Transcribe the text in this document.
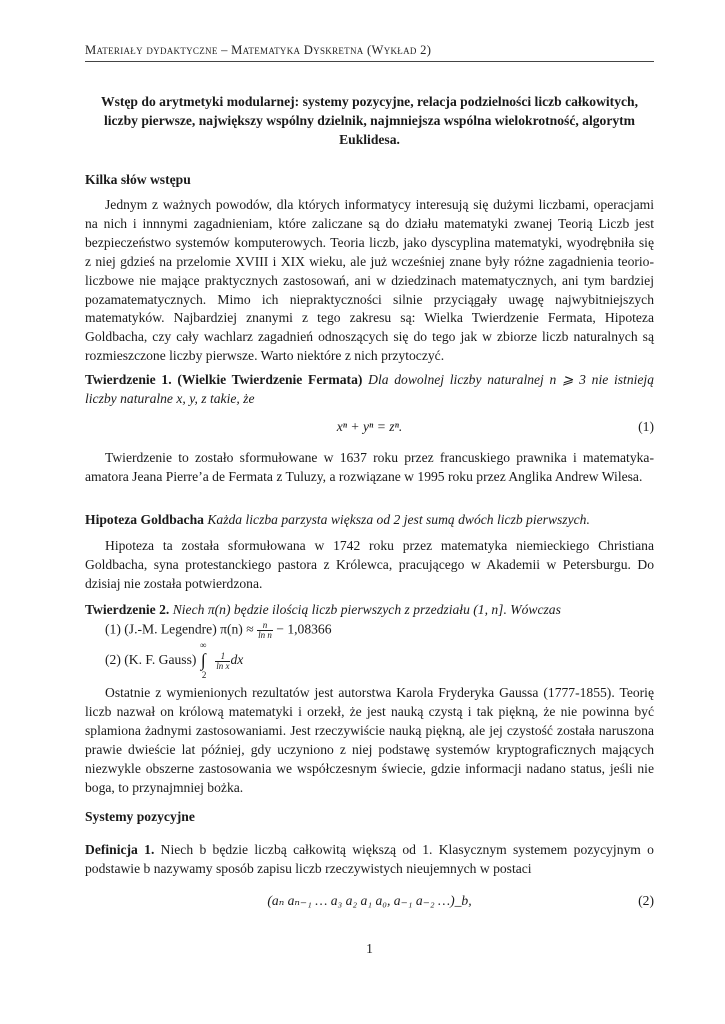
Materiały dydaktyczne – Matematyka Dyskretna (Wykład 2)
Wstęp do arytmetyki modularnej: systemy pozycyjne, relacja podzielności liczb całkowitych, liczby pierwsze, największy wspólny dzielnik, najmniejsza wspólna wielokrotność, algorytm Euklidesa.
Kilka słów wstępu
Jednym z ważnych powodów, dla których informatycy interesują się dużymi liczbami, operacjami na nich i innnymi zagadnieniam, które zaliczane są do działu matematyki zwanej Teorią Liczb jest bezpieczeństwo systemów komputerowych. Teoria liczb, jako dyscyplina matematyki, wyodrębniła się z niej gdzieś na przelomie XVIII i XIX wieku, ale już wcześniej znane były różne zagadnienia teorio-liczbowe nie mające praktycznych zastosowań, ani w dziedzinach matematycznych, ani tym bardziej pozamatematycznych. Mimo ich niepraktyczności silnie przyciągały uwagę najwybitniejszych matematyków. Najbardziej znanymi z tego zakresu są: Wielka Twierdzenie Fermata, Hipoteza Goldbacha, czy cały wachlarz zagadnień odnoszących się do tego jak w zbiorze liczb naturalnych są rozmieszczone liczby pierwsze. Warto niektóre z nich przytoczyć.
Twierdzenie 1. (Wielkie Twierdzenie Fermata) Dla dowolnej liczby naturalnej n ⩾ 3 nie istnieją liczby naturalne x, y, z takie, że
xⁿ + yⁿ = zⁿ.	(1)
Twierdzenie to zostało sformułowane w 1637 roku przez francuskiego prawnika i matematyka-amatora Jeana Pierre’a de Fermata z Tuluzy, a rozwiązane w 1995 roku przez Anglika Andrew Wilesa.
Hipoteza Goldbacha Każda liczba parzysta większa od 2 jest sumą dwóch liczb pierwszych.
Hipoteza ta została sformułowana w 1742 roku przez matematyka niemieckiego Christiana Goldbacha, syna protestanckiego pastora z Królewca, pracującego w Akademii w Petersburgu. Do dzisiaj nie została potwierdzona.
Twierdzenie 2. Niech π(n) będzie ilością liczb pierwszych z przedziału (1, n]. Wówczas
(1) (J.-M. Legendre) $\pi(n) \approx \frac{n}{\text{ln n}} - 1,08366$
(2) (K. F. Gauss)
∞
∫
2

$\frac{1}{\text{ln x}}$ dx
Ostatnie z wymienionych rezultatów jest autorstwa Karola Fryderyka Gaussa (1777-1855). Teorię liczb nazwał on królową matematyki i orzekł, że jest nauką czystą i tak piękną, że nie powinna być splamiona żadnymi zastosowaniami. Jest rzeczywiście nauką piękną, ale jej czystość została naruszona prawie dwieście lat później, gdy uczyniono z niej podstawę systemów kryptograficznych mających niezwykle obszerne zastosowania we współczesnym świecie, gdzie informacji nadano status, jeśli nie boga, to przynajmniej bożka.
Systemy pozycyjne
Definicja 1. Niech b będzie liczbą całkowitą większą od 1. Klasycznym systemem pozycyjnym o podstawie b nazywamy sposób zapisu liczb rzeczywistych nieujemnych w postaci
(aₙ aₙ₋₁ … a₃ a₂ a₁ a₀, a₋₁ a₋₂ …)_b,	(2)
1
